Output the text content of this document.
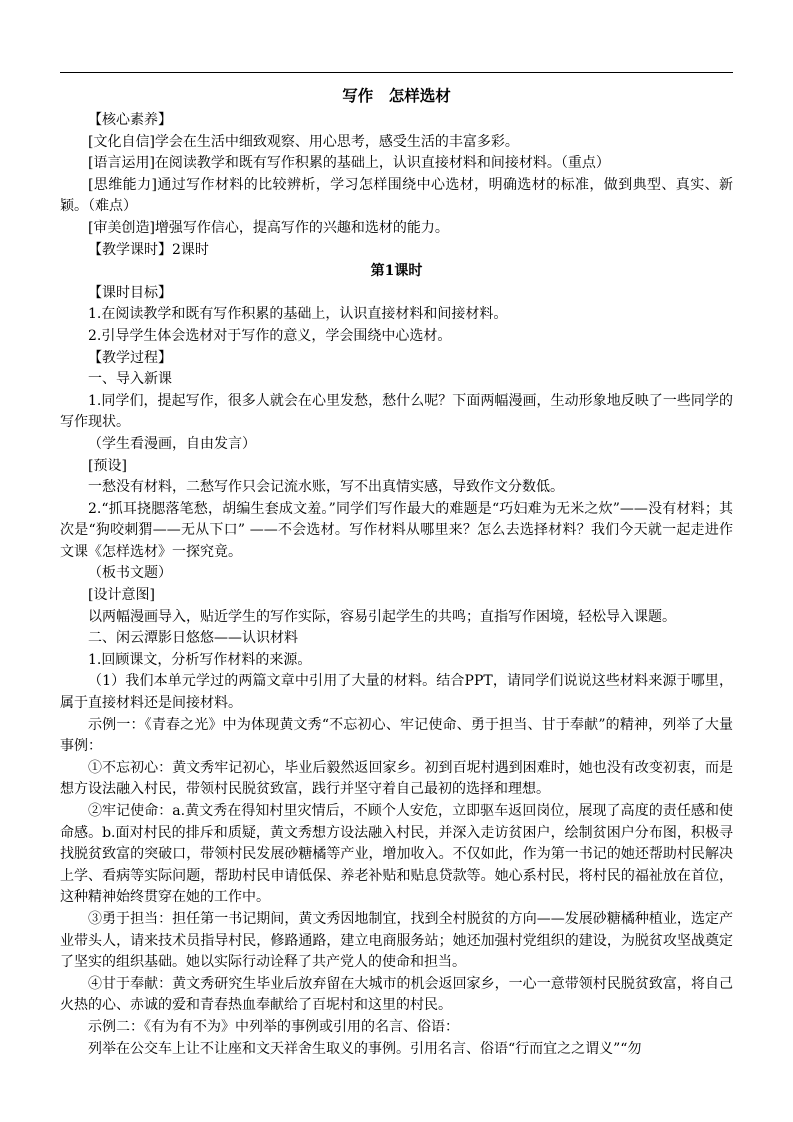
写作　怎样选材

【核心素养】

[文化自信]学会在生活中细致观察、用心思考，感受生活的丰富多彩。

[语言运用]在阅读教学和既有写作积累的基础上，认识直接材料和间接材料。（重点）

[思维能力]通过写作材料的比较辨析，学习怎样围绕中心选材，明确选材的标准，做到典型、真实、新颖。（难点）

[审美创造]增强写作信心，提高写作的兴趣和选材的能力。

【教学课时】2课时

第1课时

【课时目标】

1.在阅读教学和既有写作积累的基础上，认识直接材料和间接材料。

2.引导学生体会选材对于写作的意义，学会围绕中心选材。

【教学过程】

一、导入新课

1.同学们，提起写作，很多人就会在心里发愁，愁什么呢？下面两幅漫画，生动形象地反映了一些同学的写作现状。

（学生看漫画，自由发言）

[预设]

一愁没有材料，二愁写作只会记流水账，写不出真情实感，导致作文分数低。

2.“抓耳挠腮落笔愁，胡编生套成文羞。”同学们写作最大的难题是“巧妇难为无米之炊”——没有材料；其次是“狗咬刺猬——无从下口” ——不会选材。写作材料从哪里来？怎么去选择材料？我们今天就一起走进作文课《怎样选材》一探究竟。

（板书文题）

[设计意图]

以两幅漫画导入，贴近学生的写作实际，容易引起学生的共鸣；直指写作困境，轻松导入课题。

二、闲云潭影日悠悠——认识材料

1.回顾课文，分析写作材料的来源。

（1）我们本单元学过的两篇文章中引用了大量的材料。结合PPT，请同学们说说这些材料来源于哪里，属于直接材料还是间接材料。

示例一：《青春之光》中为体现黄文秀“不忘初心、牢记使命、勇于担当、甘于奉献”的精神，列举了大量事例：

①不忘初心：黄文秀牢记初心，毕业后毅然返回家乡。初到百坭村遇到困难时，她也没有改变初衷，而是想方设法融入村民，带领村民脱贫致富，践行并坚守着自己最初的选择和理想。

②牢记使命：a.黄文秀在得知村里灾情后，不顾个人安危，立即驱车返回岗位，展现了高度的责任感和使命感。b.面对村民的排斥和质疑，黄文秀想方设法融入村民，并深入走访贫困户，绘制贫困户分布图，积极寻找脱贫致富的突破口，带领村民发展砂糖橘等产业，增加收入。不仅如此，作为第一书记的她还帮助村民解决上学、看病等实际问题，帮助村民申请低保、养老补贴和贴息贷款等。她心系村民，将村民的福祉放在首位，这种精神始终贯穿在她的工作中。

③勇于担当：担任第一书记期间，黄文秀因地制宜，找到全村脱贫的方向——发展砂糖橘种植业，选定产业带头人，请来技术员指导村民，修路通路，建立电商服务站；她还加强村党组织的建设，为脱贫攻坚战奠定了坚实的组织基础。她以实际行动诠释了共产党人的使命和担当。

④甘于奉献：黄文秀研究生毕业后放弃留在大城市的机会返回家乡，一心一意带领村民脱贫致富，将自己火热的心、赤诚的爱和青春热血奉献给了百坭村和这里的村民。

示例二：《有为有不为》中列举的事例或引用的名言、俗语：

列举在公交车上让不让座和文天祥舍生取义的事例。引用名言、俗语“行而宜之之谓义”“勿
